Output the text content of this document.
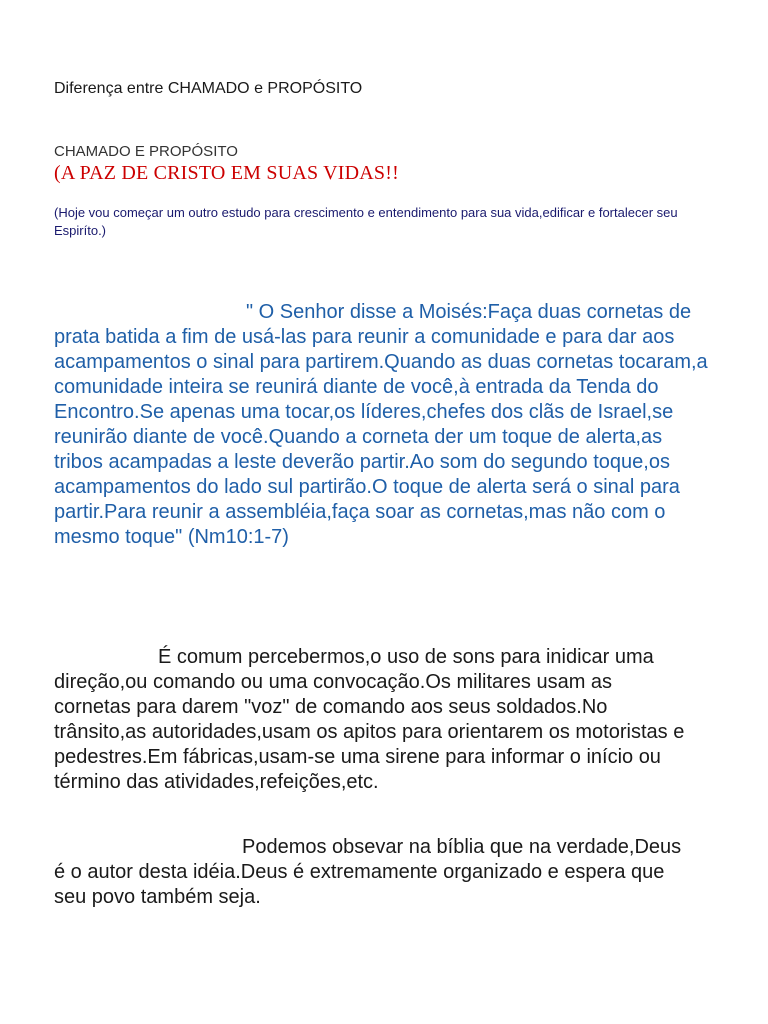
Diferença entre CHAMADO e PROPÓSITO

CHAMADO E PROPÓSITO

(A PAZ DE CRISTO EM SUAS VIDAS!!

(Hoje vou começar um outro estudo para crescimento e entendimento para sua vida,edificar e fortalecer seu Espiríto.)

" O Senhor disse a Moisés:Faça duas cornetas de prata batida a fim de usá-las para reunir a comunidade e para dar aos acampamentos o sinal para partirem.Quando as duas cornetas tocaram,a comunidade inteira se reunirá diante de você,à entrada da Tenda do Encontro.Se apenas uma tocar,os líderes,chefes dos clãs de Israel,se reunirão diante de você.Quando a corneta der um toque de alerta,as tribos acampadas a leste deverão partir.Ao som do segundo toque,os acampamentos do lado sul partirão.O toque de alerta será o sinal para partir.Para reunir a assembléia,faça soar as cornetas,mas não com o mesmo toque" (Nm10:1-7)

É comum percebermos,o uso de sons para inidicar uma direção,ou comando ou uma convocação.Os militares usam as cornetas para darem "voz" de comando aos seus soldados.No trânsito,as autoridades,usam os apitos para orientarem os motoristas e pedestres.Em fábricas,usam-se uma sirene para informar o início ou término das atividades,refeições,etc.

Podemos obsevar na bíblia que na verdade,Deus é o autor desta idéia.Deus é extremamente organizado e espera que seu povo também seja.
